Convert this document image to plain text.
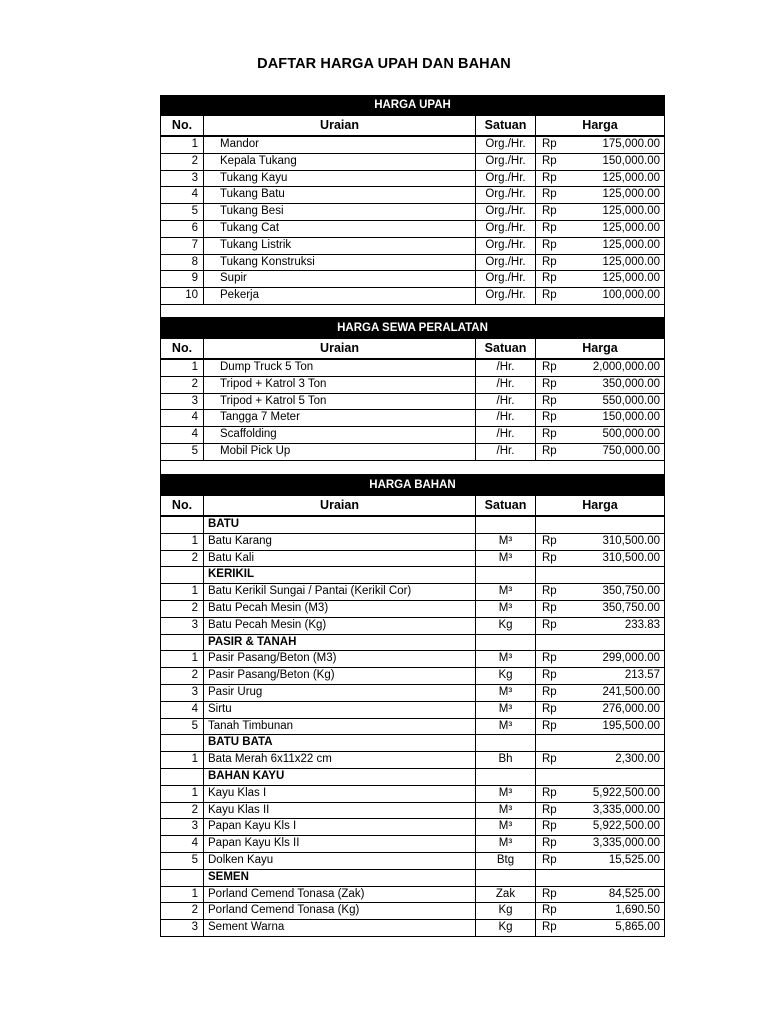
DAFTAR HARGA UPAH DAN BAHAN
HARGA UPAH				
No.	Uraian	Satuan	Harga	
1	Mandor	Org./Hr.	Rp	175,000.00
2	Kepala Tukang	Org./Hr.	Rp	150,000.00
3	Tukang Kayu	Org./Hr.	Rp	125,000.00
4	Tukang Batu	Org./Hr.	Rp	125,000.00
5	Tukang Besi	Org./Hr.	Rp	125,000.00
6	Tukang Cat	Org./Hr.	Rp	125,000.00
7	Tukang Listrik	Org./Hr.	Rp	125,000.00
8	Tukang Konstruksi	Org./Hr.	Rp	125,000.00
9	Supir	Org./Hr.	Rp	125,000.00
10	Pekerja	Org./Hr.	Rp	100,000.00

HARGA SEWA PERALATAN				
No.	Uraian	Satuan	Harga	
1	Dump Truck 5 Ton	/Hr.	Rp	2,000,000.00
2	Tripod + Katrol 3 Ton	/Hr.	Rp	350,000.00
3	Tripod + Katrol 5 Ton	/Hr.	Rp	550,000.00
4	Tangga 7 Meter	/Hr.	Rp	150,000.00
4	Scaffolding	/Hr.	Rp	500,000.00
5	Mobil Pick Up	/Hr.	Rp	750,000.00

HARGA BAHAN				
No.	Uraian	Satuan	Harga	
	BATU			
1	Batu Karang	M³	Rp	310,500.00
2	Batu Kali	M³	Rp	310,500.00
	KERIKIL			
1	Batu Kerikil Sungai / Pantai (Kerikil Cor)	M³	Rp	350,750.00
2	Batu Pecah Mesin (M3)	M³	Rp	350,750.00
3	Batu Pecah Mesin (Kg)	Kg	Rp	233.83
	PASIR & TANAH			
1	Pasir Pasang/Beton (M3)	M³	Rp	299,000.00
2	Pasir Pasang/Beton (Kg)	Kg	Rp	213.57
3	Pasir Urug	M³	Rp	241,500.00
4	Sirtu	M³	Rp	276,000.00
5	Tanah Timbunan	M³	Rp	195,500.00
	BATU BATA			
1	Bata Merah 6x11x22 cm	Bh	Rp	2,300.00
	BAHAN KAYU			
1	Kayu Klas I	M³	Rp	5,922,500.00
2	Kayu Klas II	M³	Rp	3,335,000.00
3	Papan Kayu Kls I	M³	Rp	5,922,500.00
4	Papan Kayu Kls II	M³	Rp	3,335,000.00
5	Dolken Kayu	Btg	Rp	15,525.00
	SEMEN			
1	Porland Cemend Tonasa (Zak)	Zak	Rp	84,525.00
2	Porland Cemend Tonasa (Kg)	Kg	Rp	1,690.50
3	Sement Warna	Kg	Rp	5,865.00
